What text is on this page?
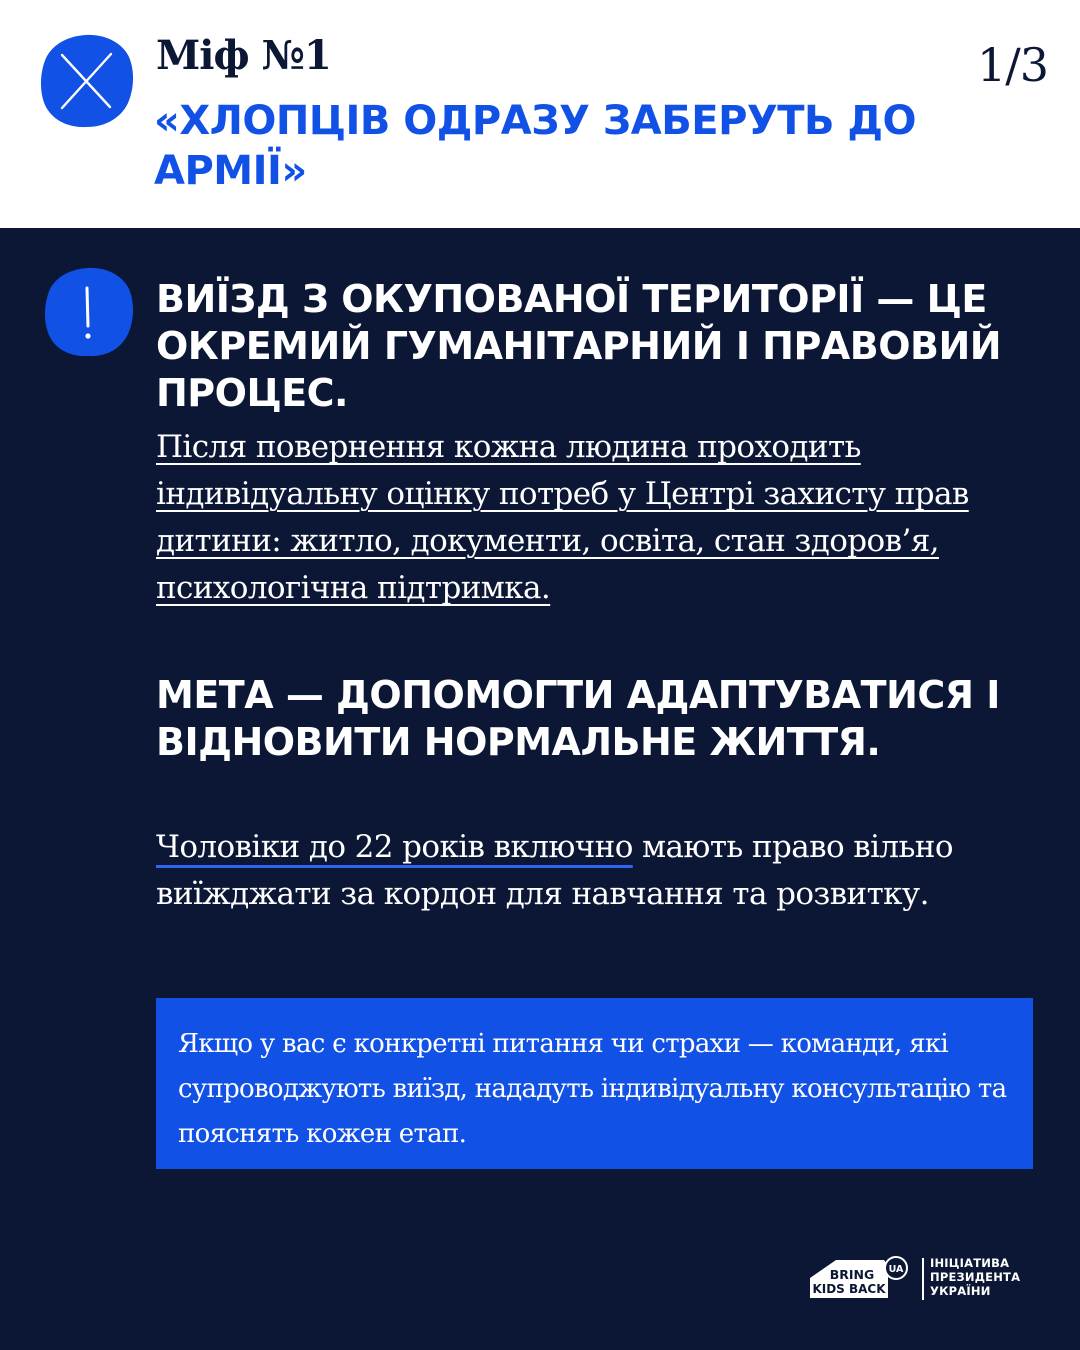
Міф №1
«ХЛОПЦІВ ОДРАЗУ ЗАБЕРУТЬ ДО АРМІЇ»
1/3
ВИЇЗД З ОКУПОВАНОЇ ТЕРИТОРІЇ — ЦЕ ОКРЕМИЙ ГУМАНІТАРНИЙ І ПРАВОВИЙ ПРОЦЕС.
Після повернення кожна людина проходить індивідуальну оцінку потреб у Центрі захисту прав дитини: житло, документи, освіта, стан здоров’я, психологічна підтримка.
МЕТА — ДОПОМОГТИ АДАПТУВАТИСЯ І ВІДНОВИТИ НОРМАЛЬНЕ ЖИТТЯ.
Чоловіки до 22 років включно мають право вільно виїжджати за кордон для навчання та розвитку.
Якщо у вас є конкретні питання чи страхи — команди, які супроводжують виїзд, нададуть індивідуальну консультацію та пояснять кожен етап.
BRING
KIDS BACK
UA ІНІЦІАТИВА
ПРЕЗИДЕНТА
УКРАЇНИ
